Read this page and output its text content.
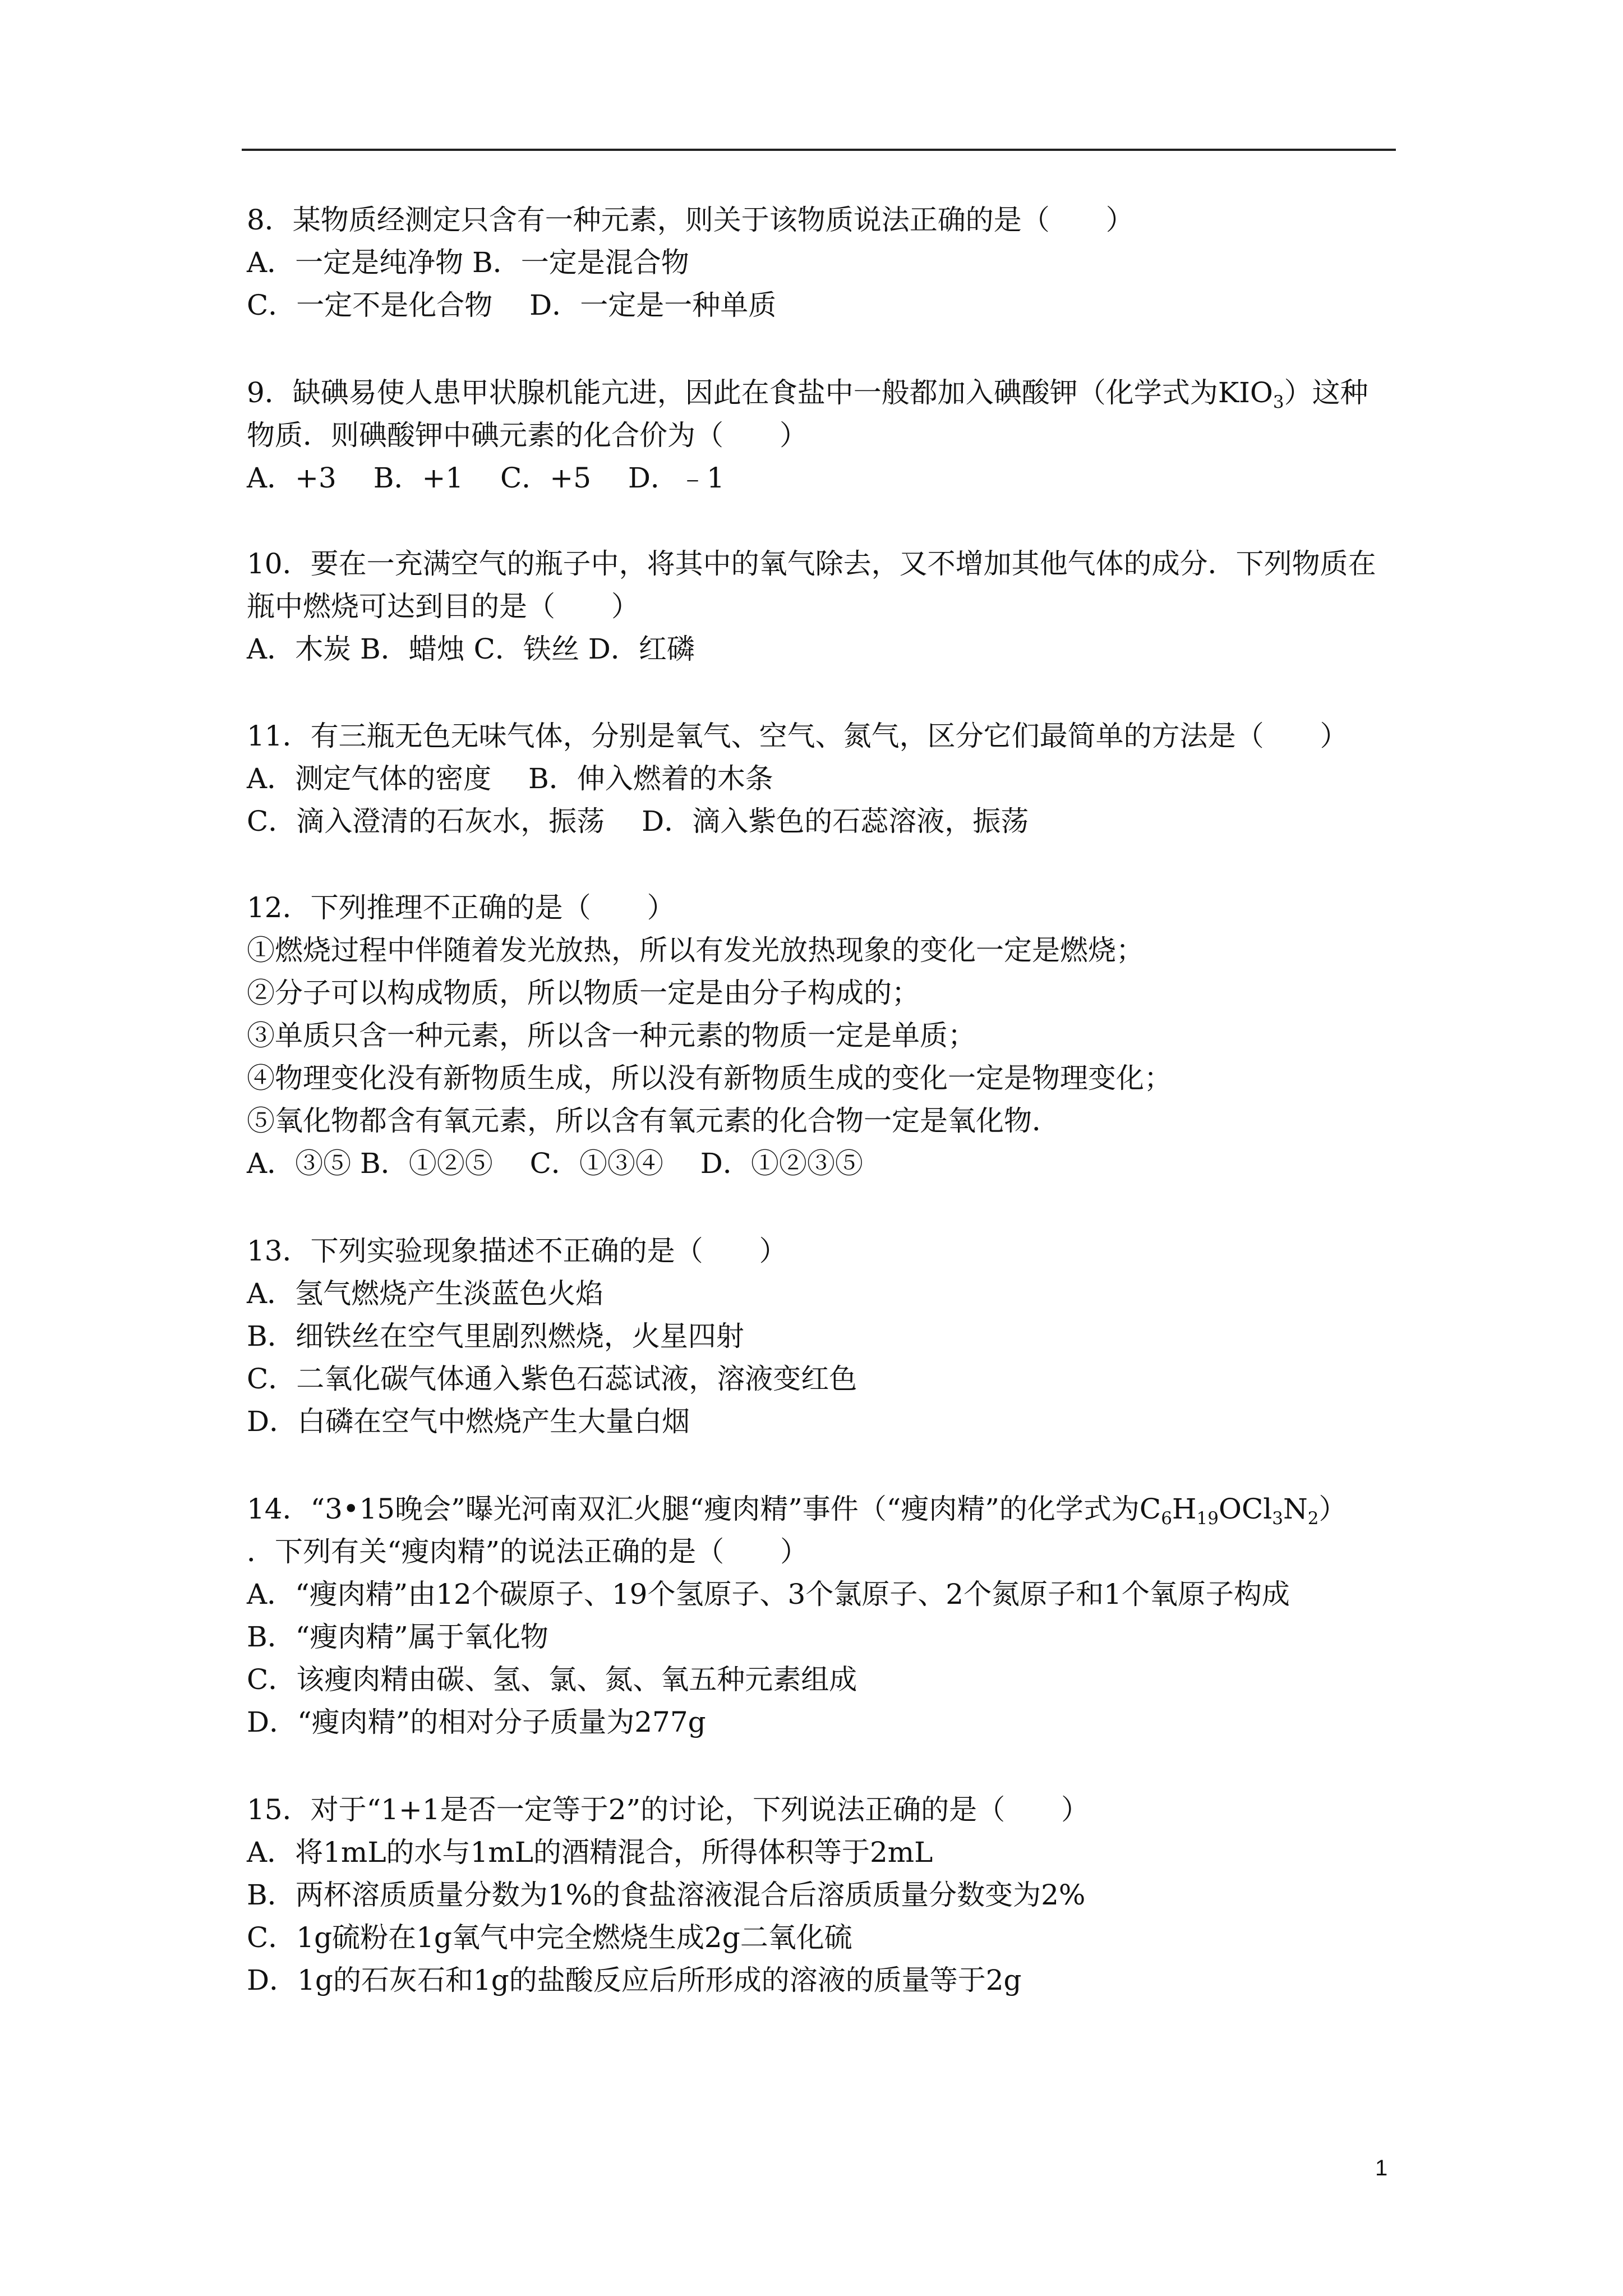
8．某物质经测定只含有一种元素，则关于该物质说法正确的是（　　）
A．一定是纯净物 B．一定是混合物
C．一定不是化合物　 D．一定是一种单质
9．缺碘易使人患甲状腺机能亢进，因此在食盐中一般都加入碘酸钾（化学式为$KIO_3$）这种
物质．则碘酸钾中碘元素的化合价为（　　）
A．+3　 B．+1　 C．+5　 D．﹣1
10．要在一充满空气的瓶子中，将其中的氧气除去，又不增加其他气体的成分．下列物质在
瓶中燃烧可达到目的是（　　）
A．木炭 B．蜡烛 C．铁丝 D．红磷
11．有三瓶无色无味气体，分别是氧气、空气、氮气，区分它们最简单的方法是（　　）
A．测定气体的密度　 B．伸入燃着的木条
C．滴入澄清的石灰水，振荡　 D．滴入紫色的石蕊溶液，振荡
12．下列推理不正确的是（　　）
①燃烧过程中伴随着发光放热，所以有发光放热现象的变化一定是燃烧；
②分子可以构成物质，所以物质一定是由分子构成的；
③单质只含一种元素，所以含一种元素的物质一定是单质；
④物理变化没有新物质生成，所以没有新物质生成的变化一定是物理变化；
⑤氧化物都含有氧元素，所以含有氧元素的化合物一定是氧化物．
A．③⑤ B．①②⑤　 C．①③④　 D．①②③⑤
13．下列实验现象描述不正确的是（　　）
A．氢气燃烧产生淡蓝色火焰
B．细铁丝在空气里剧烈燃烧，火星四射
C．二氧化碳气体通入紫色石蕊试液，溶液变红色
D．白磷在空气中燃烧产生大量白烟
14．“3•15晚会”曝光河南双汇火腿“瘦肉精”事件（“瘦肉精”的化学式为$C_6H_{19}OCl_3N_2$）
．下列有关“瘦肉精”的说法正确的是（　　）
A．“瘦肉精”由12个碳原子、19个氢原子、3个氯原子、2个氮原子和1个氧原子构成
B．“瘦肉精”属于氧化物
C．该瘦肉精由碳、氢、氯、氮、氧五种元素组成
D．“瘦肉精”的相对分子质量为277g
15．对于“1+1是否一定等于2”的讨论，下列说法正确的是（　　）
A．将1mL的水与1mL的酒精混合，所得体积等于2mL
B．两杯溶质质量分数为1%的食盐溶液混合后溶质质量分数变为2%
C．1g硫粉在1g氧气中完全燃烧生成2g二氧化硫
D．1g的石灰石和1g的盐酸反应后所形成的溶液的质量等于2g
1
